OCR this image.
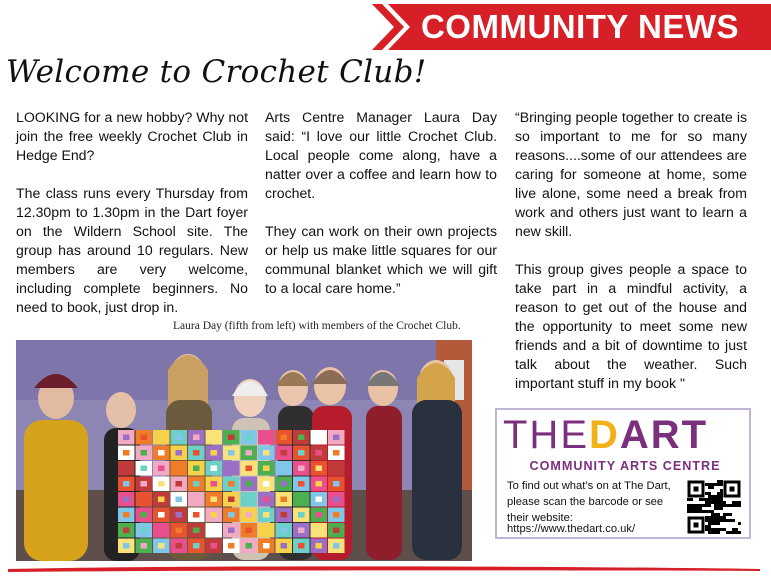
COMMUNITY NEWS
Welcome to Crochet Club!

LOOKING for a new hobby? Why not join the free weekly Crochet Club in Hedge End?

The class runs every Thursday from 12.30pm to 1.30pm in the Dart foyer on the Wildern School site. The group has around 10 regulars. New members are very welcome, including complete beginners. No need to book, just drop in.

Arts Centre Manager Laura Day said: “I love our little Crochet Club. Local people come along, have a natter over a coffee and learn how to crochet.

They can work on their own projects or help us make little squares for our communal blanket which we will gift to a local care home.”

“Bringing people together to create is so important to me for so many reasons....some of our attendees are caring for someone at home, some live alone, some need a break from work and others just want to learn a new skill.

This group gives people a space to take part in a mindful activity, a reason to get out of the house and the opportunity to meet some new friends and a bit of downtime to just talk about the weather. Such important stuff in my book "

Laura Day (fifth from left) with members of the Crochet Club.
THEDART
COMMUNITY ARTS CENTRE
To find out what’s on at The Dart, please scan the barcode or see their website:
https://www.thedart.co.uk/
